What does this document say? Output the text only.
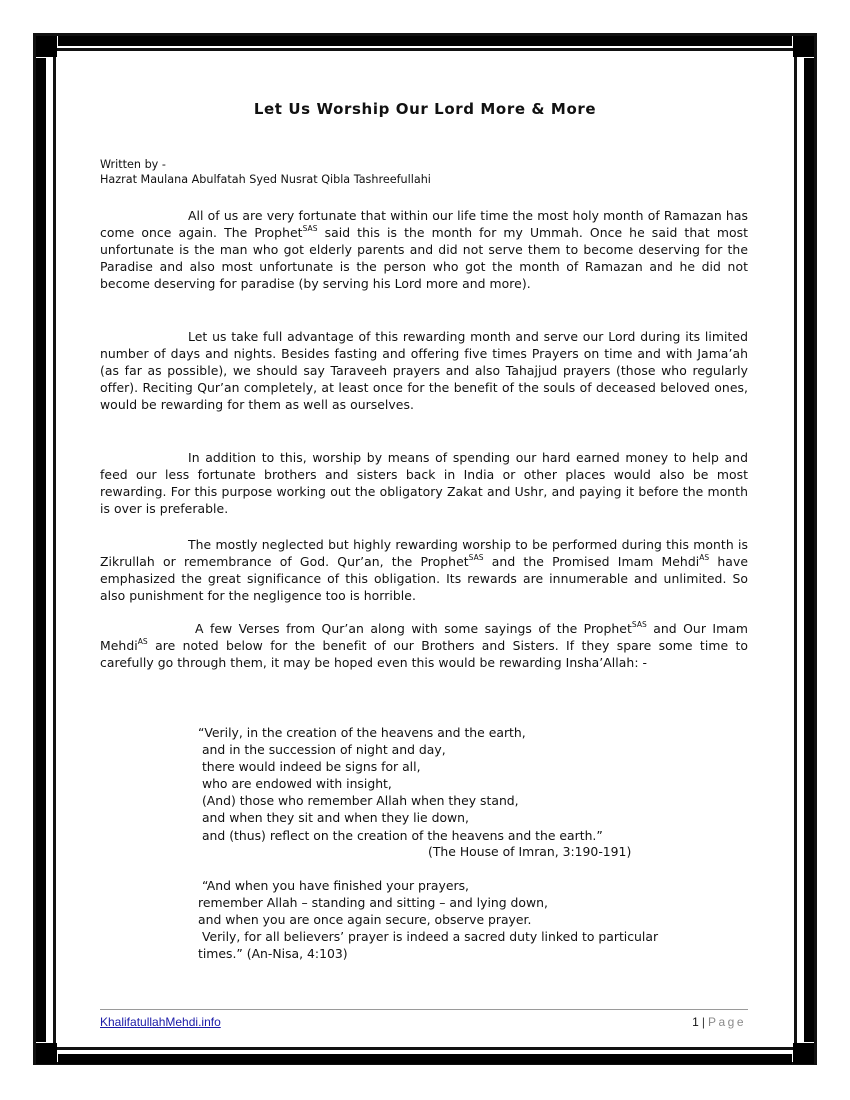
Let Us Worship Our Lord More & More
Written by -
Hazrat Maulana Abulfatah Syed Nusrat Qibla Tashreefullahi
All of us are very fortunate that within our life time the most holy month of Ramazan has come once again. The Prophet$^{SAS}$ said this is the month for my Ummah. Once he said that most unfortunate is the man who got elderly parents and did not serve them to become deserving for the Paradise and also most unfortunate is the person who got the month of Ramazan and he did not become deserving for paradise (by serving his Lord more and more).
Let us take full advantage of this rewarding month and serve our Lord during its limited number of days and nights. Besides fasting and offering five times Prayers on time and with Jama’ah (as far as possible), we should say Taraveeh prayers and also Tahajjud prayers (those who regularly offer). Reciting Qur’an completely, at least once for the benefit of the souls of deceased beloved ones, would be rewarding for them as well as ourselves.
In addition to this, worship by means of spending our hard earned money to help and feed our less fortunate brothers and sisters back in India or other places would also be most rewarding. For this purpose working out the obligatory Zakat and Ushr, and paying it before the month is over is preferable.
The mostly neglected but highly rewarding worship to be performed during this month is Zikrullah or remembrance of God. Qur’an, the Prophet$^{SAS}$ and the Promised Imam Mehdi$^{AS}$ have emphasized the great significance of this obligation. Its rewards are innumerable and unlimited. So also punishment for the negligence too is horrible.
A few Verses from Qur’an along with some sayings of the Prophet$^{SAS}$ and Our Imam Mehdi$^{AS}$ are noted below for the benefit of our Brothers and Sisters. If they spare some time to carefully go through them, it may be hoped even this would be rewarding Insha’Allah: -
“Verily, in the creation of the heavens and the earth,
and in the succession of night and day,
there would indeed be signs for all,
who are endowed with insight,
(And) those who remember Allah when they stand,
and when they sit and when they lie down,
and (thus) reflect on the creation of the heavens and the earth.”
(The House of Imran, 3:190-191)
“And when you have finished your prayers,
remember Allah – standing and sitting – and lying down,
and when you are once again secure, observe prayer.
Verily, for all believers’ prayer is indeed a sacred duty linked to particular
times.” (An-Nisa, 4:103)
KhalifatullahMehdi.info	1 | Page
